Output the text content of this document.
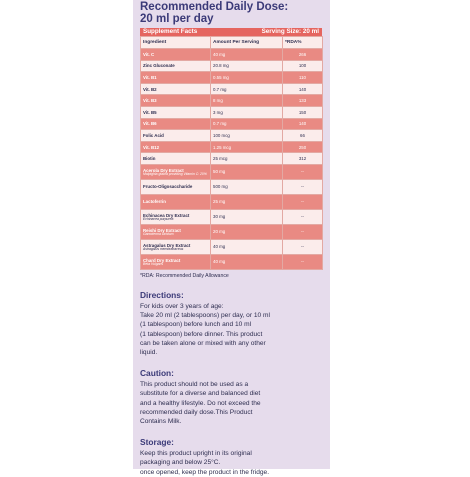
Recommended Daily Dose:
20 ml per day
Supplement Facts	Serving Size: 20 ml
Ingredient	Amount Per Serving	*RDA%
Vit. C	40 mg	266
Zinc Gluconate	20.8 mg	100
Vit. B1	0.55 mg	110
Vit. B2	0.7 mg	140
Vit. B3	8 mg	133
Vit. B5	3 mg	150
Vit. B6	0.7 mg	140
Folic Acid	100 mcg	66
Vit. B12	1.25 mcg	250
Biotin	25 mcg	312
Acerola Dry Extract
Malpighia glabra providing Vitamin C: 20%	50 mg	--
Fructo-Oligosaccharide	500 mg	--
Lactoferrin	25 mg	--
Echinacea Dry Extract
Echinacea purpurea	30 mg	--
Reishi Dry Extract
Ganoderma lucidum	20 mg	--
Astragalus Dry Extract
Astragalus membranaceus	40 mg	--
Chard Dry Extract
Beta Vulgaris	40 mg	--
*RDA: Recommended Daily Allowance
Directions:
For kids over 3 years of age:
Take 20 ml (2 tablespoons) per day, or 10 ml
(1 tablespoon) before lunch and 10 ml
(1 tablespoon) before dinner. This product
can be taken alone or mixed with any other
liquid.
Caution:
This product should not be used as a
substitute for a diverse and balanced diet
and a healthy lifestyle. Do not exceed the
recommended daily dose.This Product
Contains Milk.
Storage:
Keep this product upright in its original
packaging and below 25°C.
once opened, keep the product in the fridge.
